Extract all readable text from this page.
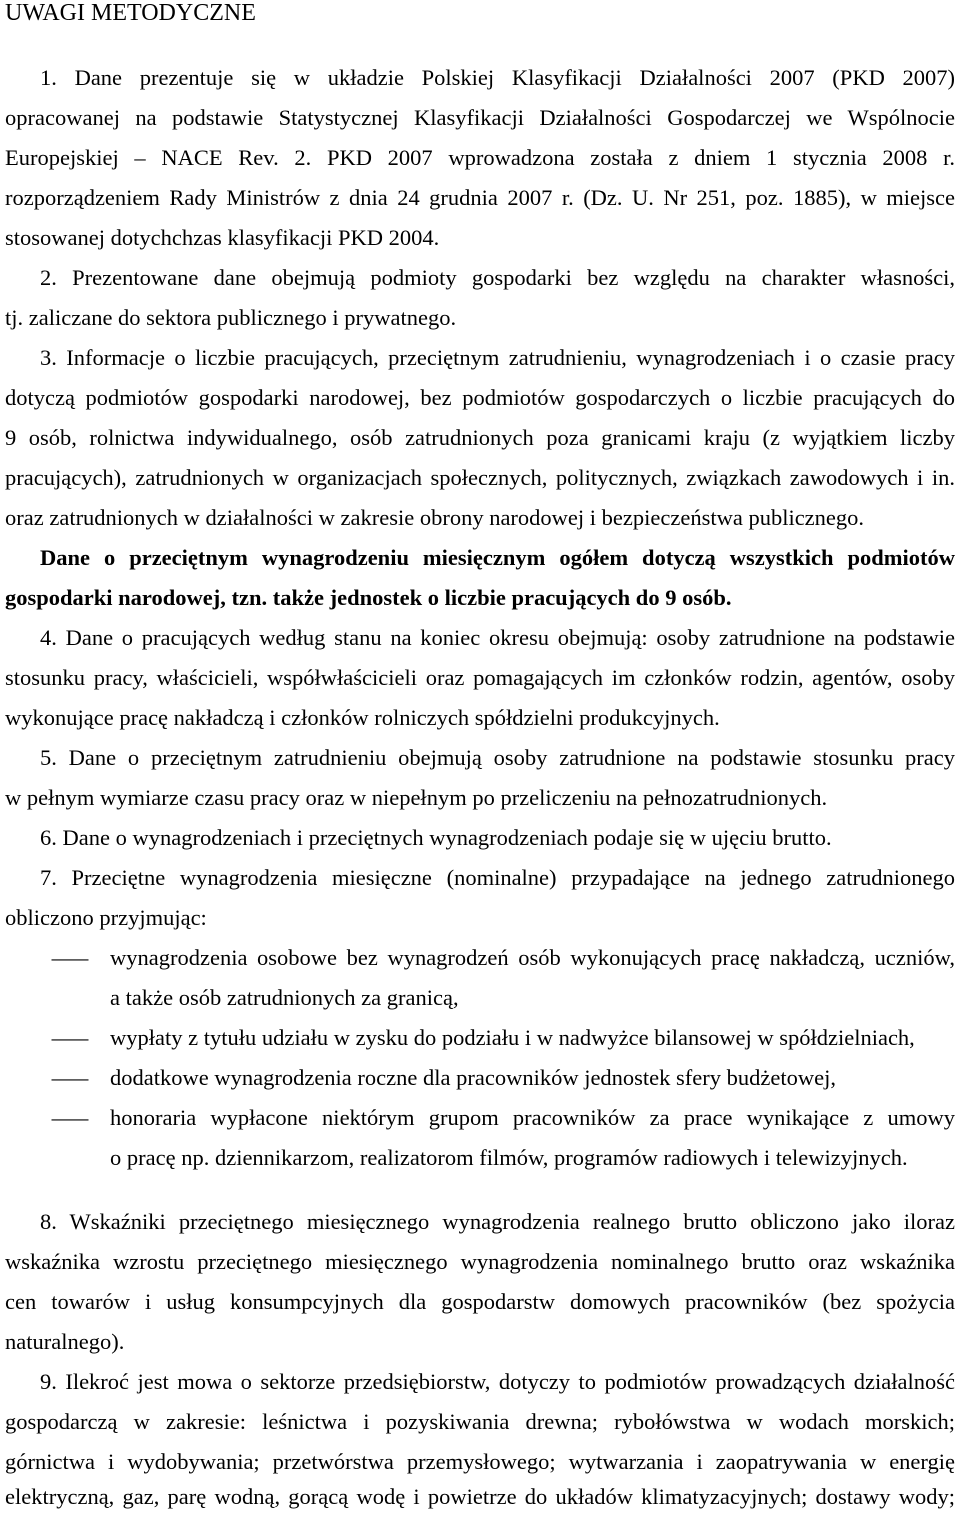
UWAGI METODYCZNE
1. Dane prezentuje się w układzie Polskiej Klasyfikacji Działalności 2007 (PKD 2007)
opracowanej na podstawie Statystycznej Klasyfikacji Działalności Gospodarczej we Wspólnocie
Europejskiej – NACE Rev. 2. PKD 2007 wprowadzona została z dniem 1 stycznia 2008 r.
rozporządzeniem Rady Ministrów z dnia 24 grudnia 2007 r. (Dz. U. Nr 251, poz. 1885), w miejsce
stosowanej dotychchzas klasyfikacji PKD 2004.
2. Prezentowane dane obejmują podmioty gospodarki bez względu na charakter własności,
tj. zaliczane do sektora publicznego i prywatnego.
3. Informacje o liczbie pracujących, przeciętnym zatrudnieniu, wynagrodzeniach i o czasie pracy
dotyczą podmiotów gospodarki narodowej, bez podmiotów gospodarczych o liczbie pracujących do
9 osób, rolnictwa indywidualnego, osób zatrudnionych poza granicami kraju (z wyjątkiem liczby
pracujących), zatrudnionych w organizacjach społecznych, politycznych, związkach zawodowych i in.
oraz zatrudnionych w działalności w zakresie obrony narodowej i bezpieczeństwa publicznego.
Dane o przeciętnym wynagrodzeniu miesięcznym ogółem dotyczą wszystkich podmiotów
gospodarki narodowej, tzn. także jednostek o liczbie pracujących do 9 osób.
4. Dane o pracujących według stanu na koniec okresu obejmują: osoby zatrudnione na podstawie
stosunku pracy, właścicieli, współwłaścicieli oraz pomagających im członków rodzin, agentów, osoby
wykonujące pracę nakładczą i członków rolniczych spółdzielni produkcyjnych.
5. Dane o przeciętnym zatrudnieniu obejmują osoby zatrudnione na podstawie stosunku pracy
w pełnym wymiarze czasu pracy oraz w niepełnym po przeliczeniu na pełnozatrudnionych.
6. Dane o wynagrodzeniach i przeciętnych wynagrodzeniach podaje się w ujęciu brutto.
7. Przeciętne wynagrodzenia miesięczne (nominalne) przypadające na jednego zatrudnionego
obliczono przyjmując:
– wynagrodzenia osobowe bez wynagrodzeń osób wykonujących pracę nakładczą, uczniów,
a także osób zatrudnionych za granicą,
– wypłaty z tytułu udziału w zysku do podziału i w nadwyżce bilansowej w spółdzielniach,
– dodatkowe wynagrodzenia roczne dla pracowników jednostek sfery budżetowej,
– honoraria wypłacone niektórym grupom pracowników za prace wynikające z umowy
o pracę np. dziennikarzom, realizatorom filmów, programów radiowych i telewizyjnych.
8. Wskaźniki przeciętnego miesięcznego wynagrodzenia realnego brutto obliczono jako iloraz
wskaźnika wzrostu przeciętnego miesięcznego wynagrodzenia nominalnego brutto oraz wskaźnika
cen towarów i usług konsumpcyjnych dla gospodarstw domowych pracowników (bez spożycia
naturalnego).
9. Ilekroć jest mowa o sektorze przedsiębiorstw, dotyczy to podmiotów prowadzących działalność
gospodarczą w zakresie: leśnictwa i pozyskiwania drewna; rybołówstwa w wodach morskich;
górnictwa i wydobywania; przetwórstwa przemysłowego; wytwarzania i zaopatrywania w energię
elektryczną, gaz, parę wodną, gorącą wodę i powietrze do układów klimatyzacyjnych; dostawy wody;
